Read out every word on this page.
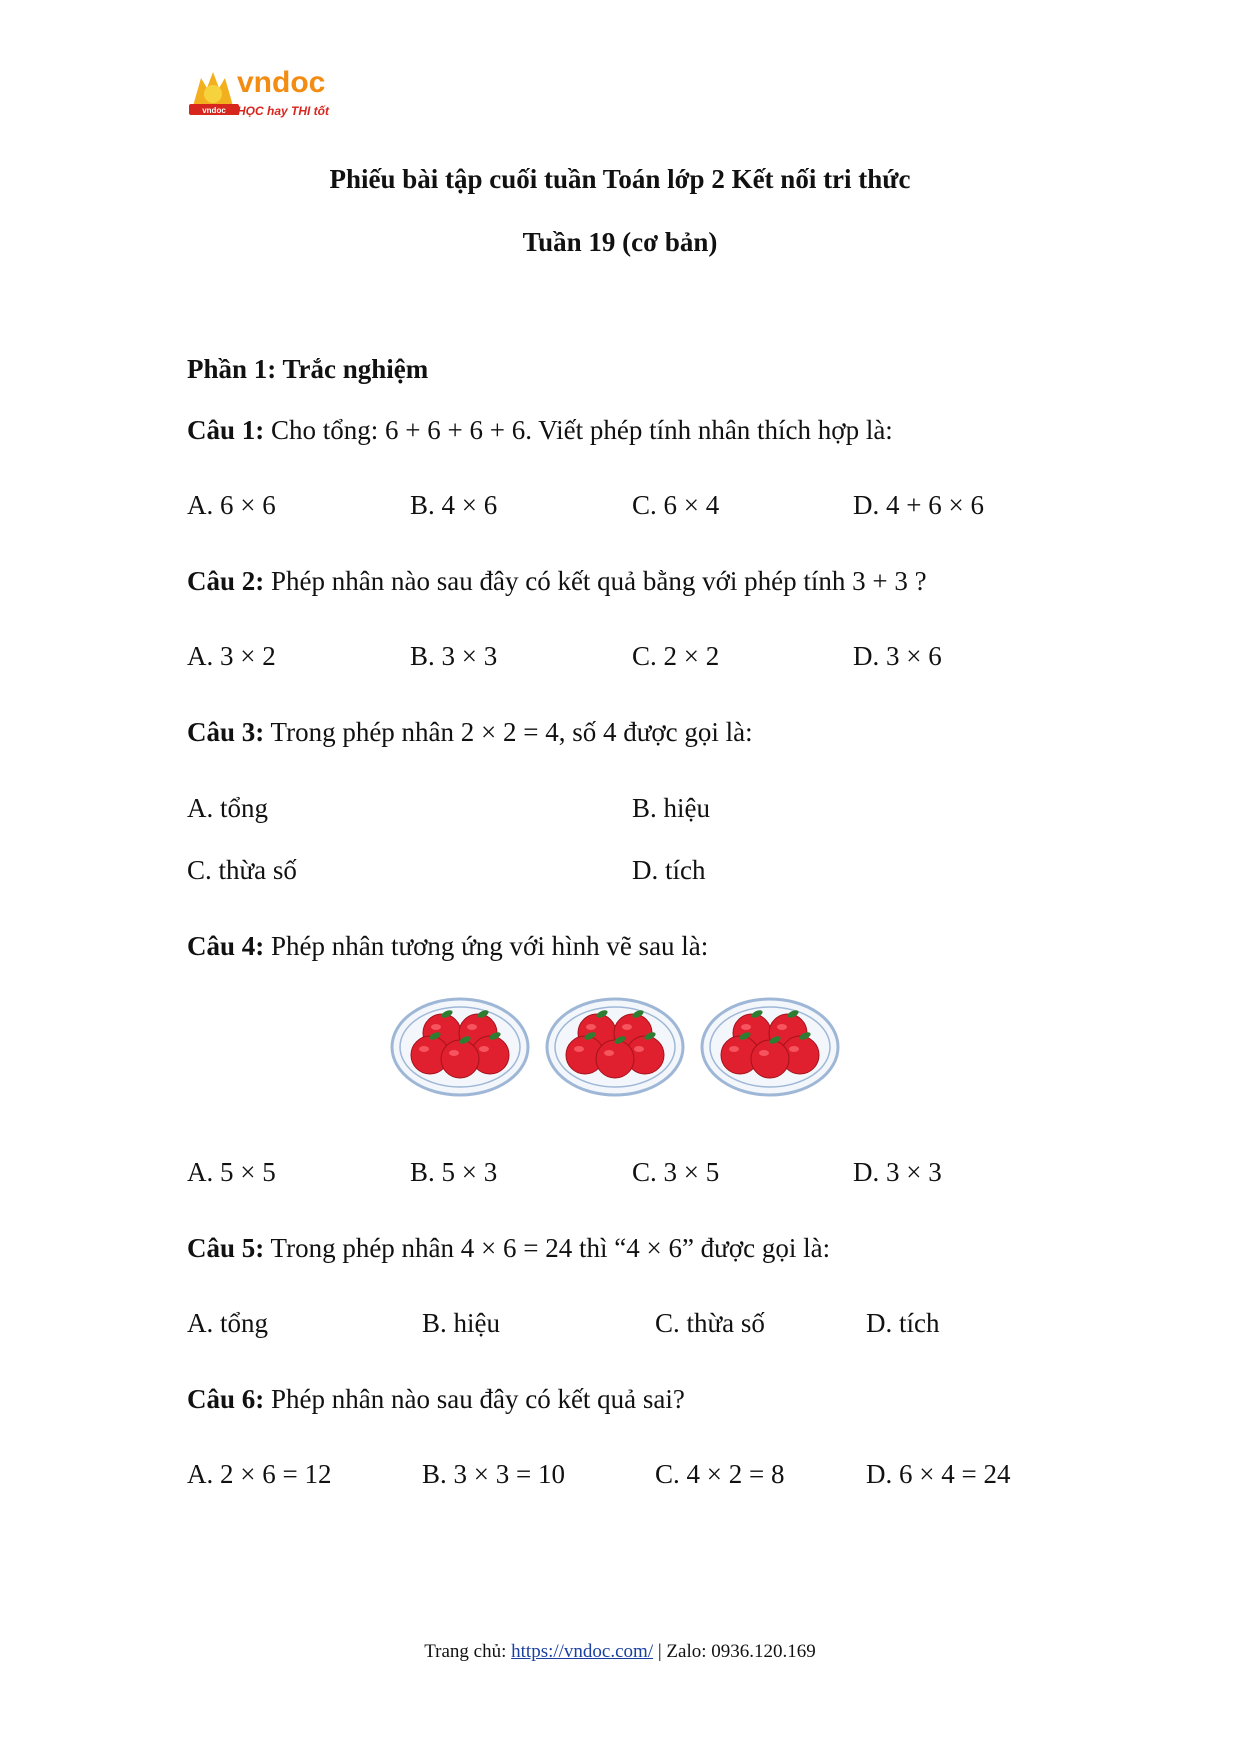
vndoc
vndoc
HỌC hay THI tốt
Phiếu bài tập cuối tuần Toán lớp 2 Kết nối tri thức
Tuần 19 (cơ bản)
Phần 1: Trắc nghiệm
Câu 1: Cho tổng: 6 + 6 + 6 + 6. Viết phép tính nhân thích hợp là:
A. 6 × 6	B. 4 × 6	C. 6 × 4	D. 4 + 6 × 6
Câu 2: Phép nhân nào sau đây có kết quả bằng với phép tính 3 + 3 ?
A. 3 × 2	B. 3 × 3	C. 2 × 2	D. 3 × 6
Câu 3: Trong phép nhân 2 × 2 = 4, số 4 được gọi là:
A. tổng	B. hiệu
C. thừa số	D. tích
Câu 4: Phép nhân tương ứng với hình vẽ sau là:
A. 5 × 5	B. 5 × 3	C. 3 × 5	D. 3 × 3
Câu 5: Trong phép nhân 4 × 6 = 24 thì “4 × 6” được gọi là:
A. tổng	B. hiệu	C. thừa số	D. tích
Câu 6: Phép nhân nào sau đây có kết quả sai?
A. 2 × 6 = 12	B. 3 × 3 = 10	C. 4 × 2 = 8	D. 6 × 4 = 24
Trang chủ: https://vndoc.com/ | Zalo: 0936.120.169
